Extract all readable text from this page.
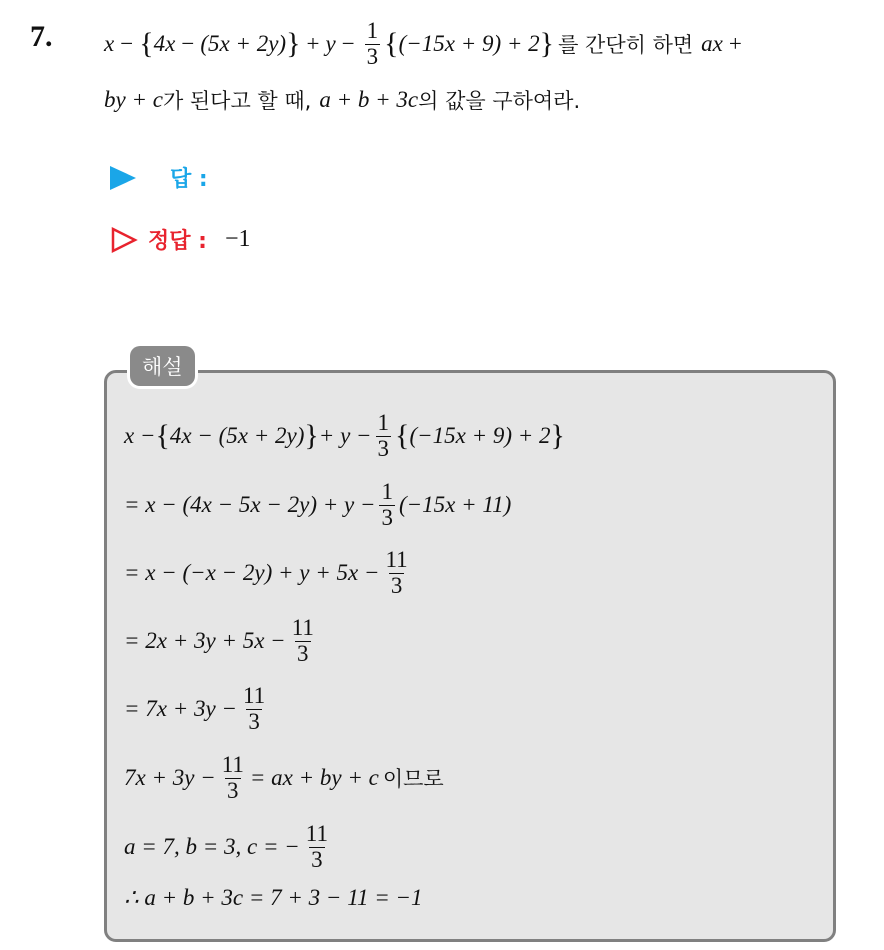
7. x − { 4x − (5x + 2y) } + $y - \frac{1}{3}$ { (−15x + 9) + 2 } 를 간단히 하면 ax +
by + c 가 된다고 할 때, a + b + 3c 의 값을 구하여라.
답 :
정답 : −1
해설
x − { 4x − (5x + 2y) } + $y - \frac{1}{3}$ { (−15x + 9) + 2 }
= $x - (4x - 5x - 2y) + y - \frac{1}{3} (-15x + 11)$
= $x - (-x - 2y) + y + 5x - \frac{11}{3}$
= $2x + 3y + 5x - \frac{11}{3}$
= $7x + 3y - \frac{11}{3}$
$7x + 3y - \frac{11}{3}$ = ax + by + c 이므로
a = 7, b = 3, c = − $\frac{11}{3}$
∴ a + b + 3c = 7 + 3 − 11 = −1
